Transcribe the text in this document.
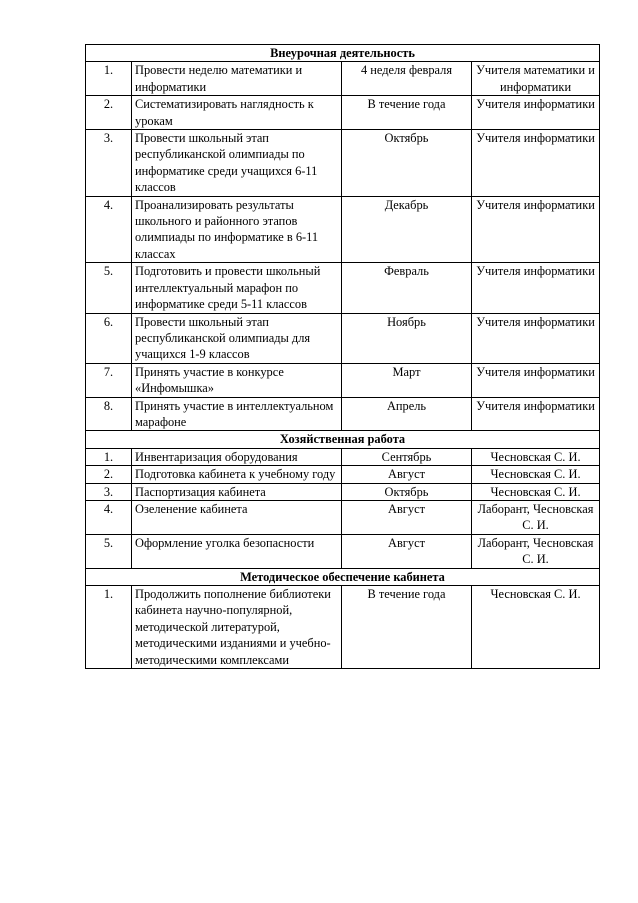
Внеурочная деятельность			
1.	Провести неделю математики и информатики	4 неделя февраля	Учителя математики и информатики
2.	Систематизировать наглядность к урокам	В течение года	Учителя информатики
3.	Провести школьный этап республиканской олимпиады по информатике среди учащихся 6-11 классов	Октябрь	Учителя информатики
4.	Проанализировать результаты школьного и районного этапов олимпиады по информатике в 6-11 классах	Декабрь	Учителя информатики
5.	Подготовить и провести школьный интеллектуальный марафон по информатике среди 5-11 классов	Февраль	Учителя информатики
6.	Провести школьный этап республиканской олимпиады для учащихся 1-9 классов	Ноябрь	Учителя информатики
7.	Принять участие в конкурсе «Инфомышка»	Март	Учителя информатики
8.	Принять участие в интеллектуальном марафоне	Апрель	Учителя информатики
Хозяйственная работа			
1.	Инвентаризация оборудования	Сентябрь	Чесновская С. И.
2.	Подготовка кабинета к учебному году	Август	Чесновская С. И.
3.	Паспортизация кабинета	Октябрь	Чесновская С. И.
4.	Озеленение кабинета	Август	Лаборант, Чесновская С. И.
5.	Оформление уголка безопасности	Август	Лаборант, Чесновская С. И.
Методическое обеспечение кабинета			
1.	Продолжить пополнение библиотеки кабинета научно-популярной, методической литературой, методическими изданиями и учебно-методическими комплексами	В течение года	Чесновская С. И.
